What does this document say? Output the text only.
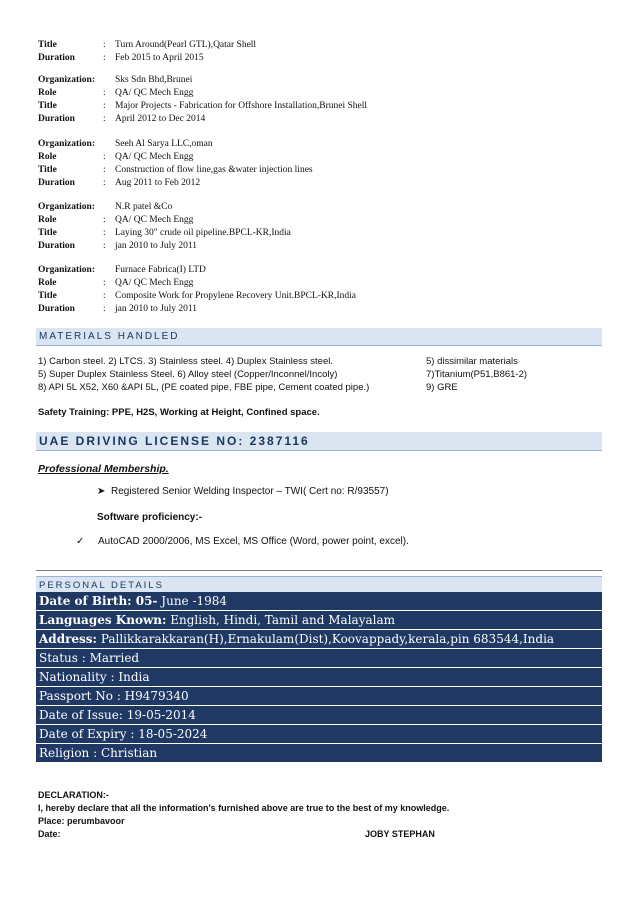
Title	: Turn Around(Pearl GTL),Qatar Shell
Duration	: Feb 2015 to April 2015
Organization: Sks Sdn Bhd,Brunei
Role	: QA/ QC Mech Engg
Title	: Major Projects - Fabrication for Offshore Installation,Brunei Shell
Duration	: April 2012 to Dec 2014
Organization: Seeh Al Sarya LLC,oman
Role	: QA/ QC Mech Engg
Title	: Construction of flow line,gas &water injection lines
Duration	: Aug 2011 to Feb 2012
Organization: N.R patel &Co
Role	: QA/ QC Mech Engg
Title	: Laying 30" crude oil pipeline.BPCL-KR,India
Duration	: jan 2010 to July 2011
Organization: Furnace Fabrica(I) LTD
Role	: QA/ QC Mech Engg
Title	: Composite Work for Propylene Recovery Unit.BPCL-KR,India
Duration	: jan 2010 to July 2011
MATERIALS HANDLED
1) Carbon steel. 2) LTCS. 3) Stainless steel. 4) Duplex Stainless steel.	5) dissimilar materials
5) Super Duplex Stainless Steel. 6) Alloy steel (Copper/Inconnel/Incoly)	7)Titanium(P51,B861-2)
8) API 5L X52, X60 &API 5L, (PE coated pipe, FBE pipe, Cement coated pipe.)	9) GRE
Safety Training: PPE, H2S, Working at Height, Confined space.
UAE DRIVING LICENSE NO: 2387116
Professional Membership.
➤ Registered Senior Welding Inspector – TWI( Cert no: R/93557)
Software proficiency:-
✓ AutoCAD 2000/2006, MS Excel, MS Office (Word, power point, excel).
PERSONAL DETAILS
Date of Birth: 05- June -1984
Languages Known: English, Hindi, Tamil and Malayalam
Address: Pallikkarakkaran(H),Ernakulam(Dist),Koovappady,kerala,pin 683544,India
Status : Married
Nationality : India
Passport No : H9479340
Date of Issue: 19-05-2014
Date of Expiry : 18-05-2024
Religion : Christian
DECLARATION:-
I, hereby declare that all the information's furnished above are true to the best of my knowledge.
Place: perumbavoor
Date:	JOBY STEPHAN
